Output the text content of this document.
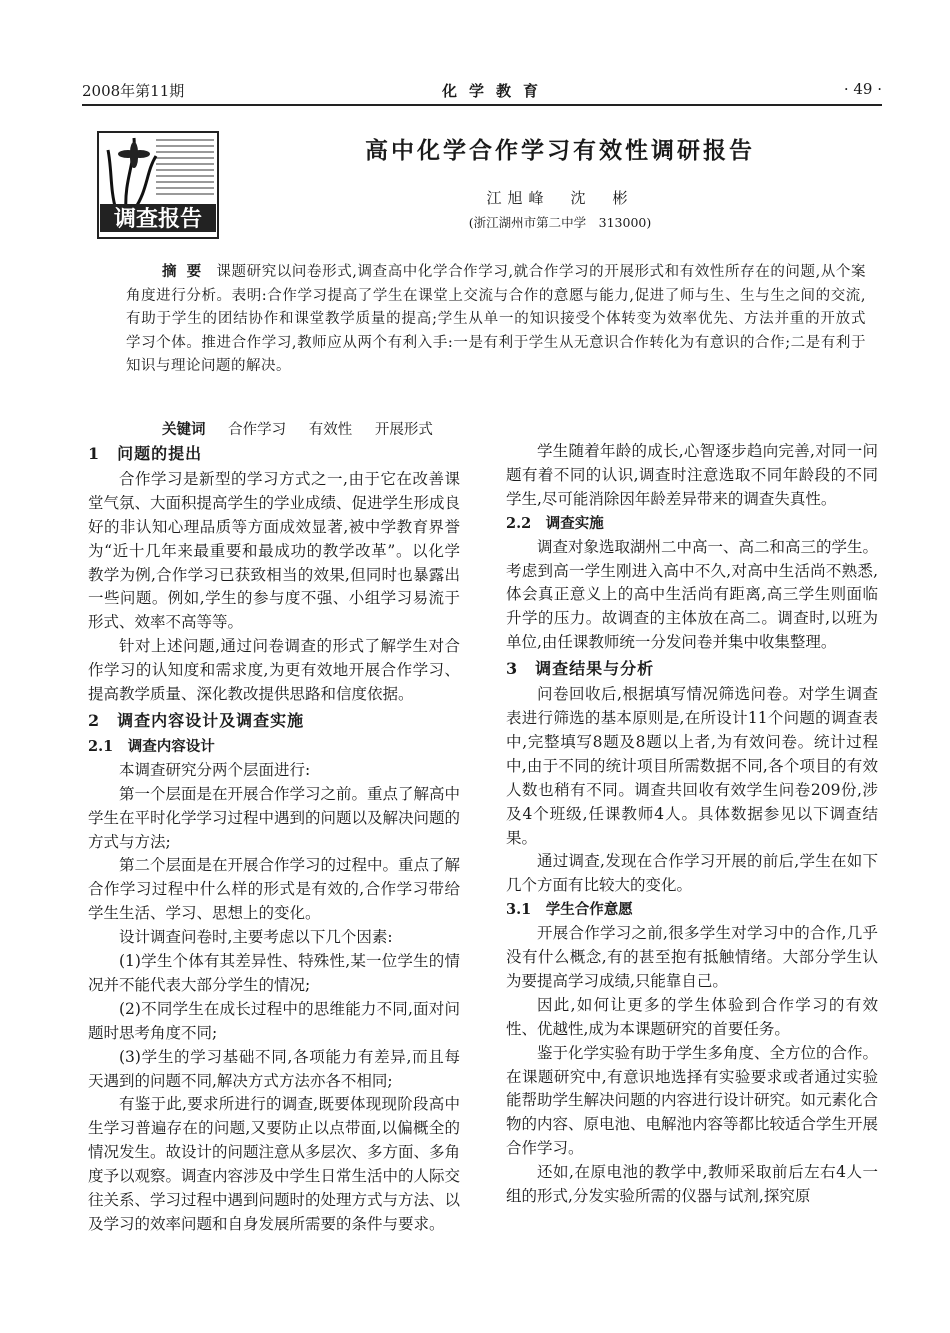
2008年第11期	化学教育	· 49 ·
调查报告
高中化学合作学习有效性调研报告
江旭峰　沈　彬
(浙江湖州市第二中学　313000)
摘要 课题研究以问卷形式,调查高中化学合作学习,就合作学习的开展形式和有效性所存在的问题,从个案角度进行分析。表明:合作学习提高了学生在课堂上交流与合作的意愿与能力,促进了师与生、生与生之间的交流,有助于学生的团结协作和课堂教学质量的提高;学生从单一的知识接受个体转变为效率优先、方法并重的开放式学习个体。推进合作学习,教师应从两个有利入手:一是有利于学生从无意识合作转化为有意识的合作;二是有利于知识与理论问题的解决。
关键词 合作学习 有效性 开展形式
1　问题的提出

合作学习是新型的学习方式之一,由于它在改善课堂气氛、大面积提高学生的学业成绩、促进学生形成良好的非认知心理品质等方面成效显著,被中学教育界誉为“近十几年来最重要和最成功的教学改革”。以化学教学为例,合作学习已获致相当的效果,但同时也暴露出一些问题。例如,学生的参与度不强、小组学习易流于形式、效率不高等等。

针对上述问题,通过问卷调查的形式了解学生对合作学习的认知度和需求度,为更有效地开展合作学习、提高教学质量、深化教改提供思路和信度依据。

2　调查内容设计及调查实施
2.1　调查内容设计

本调查研究分两个层面进行:

第一个层面是在开展合作学习之前。重点了解高中学生在平时化学学习过程中遇到的问题以及解决问题的方式与方法;

第二个层面是在开展合作学习的过程中。重点了解合作学习过程中什么样的形式是有效的,合作学习带给学生生活、学习、思想上的变化。

设计调查问卷时,主要考虑以下几个因素:

(1)学生个体有其差异性、特殊性,某一位学生的情况并不能代表大部分学生的情况;

(2)不同学生在成长过程中的思维能力不同,面对问题时思考角度不同;

(3)学生的学习基础不同,各项能力有差异,而且每天遇到的问题不同,解决方式方法亦各不相同;

有鉴于此,要求所进行的调查,既要体现现阶段高中生学习普遍存在的问题,又要防止以点带面,以偏概全的情况发生。故设计的问题注意从多层次、多方面、多角度予以观察。调查内容涉及中学生日常生活中的人际交往关系、学习过程中遇到问题时的处理方式与方法、以及学习的效率问题和自身发展所需要的条件与要求。

学生随着年龄的成长,心智逐步趋向完善,对同一问题有着不同的认识,调查时注意选取不同年龄段的不同学生,尽可能消除因年龄差异带来的调查失真性。

2.2　调查实施

调查对象选取湖州二中高一、高二和高三的学生。考虑到高一学生刚进入高中不久,对高中生活尚不熟悉,体会真正意义上的高中生活尚有距离,高三学生则面临升学的压力。故调查的主体放在高二。调查时,以班为单位,由任课教师统一分发问卷并集中收集整理。

3　调查结果与分析

问卷回收后,根据填写情况筛选问卷。对学生调查表进行筛选的基本原则是,在所设计11个问题的调查表中,完整填写8题及8题以上者,为有效问卷。统计过程中,由于不同的统计项目所需数据不同,各个项目的有效人数也稍有不同。调查共回收有效学生问卷209份,涉及4个班级,任课教师4人。具体数据参见以下调查结果。

通过调查,发现在合作学习开展的前后,学生在如下几个方面有比较大的变化。

3.1　学生合作意愿

开展合作学习之前,很多学生对学习中的合作,几乎没有什么概念,有的甚至抱有抵触情绪。大部分学生认为要提高学习成绩,只能靠自己。

因此,如何让更多的学生体验到合作学习的有效性、优越性,成为本课题研究的首要任务。

鉴于化学实验有助于学生多角度、全方位的合作。在课题研究中,有意识地选择有实验要求或者通过实验能帮助学生解决问题的内容进行设计研究。如元素化合物的内容、原电池、电解池内容等都比较适合学生开展合作学习。

还如,在原电池的教学中,教师采取前后左右4人一组的形式,分发实验所需的仪器与试剂,探究原
